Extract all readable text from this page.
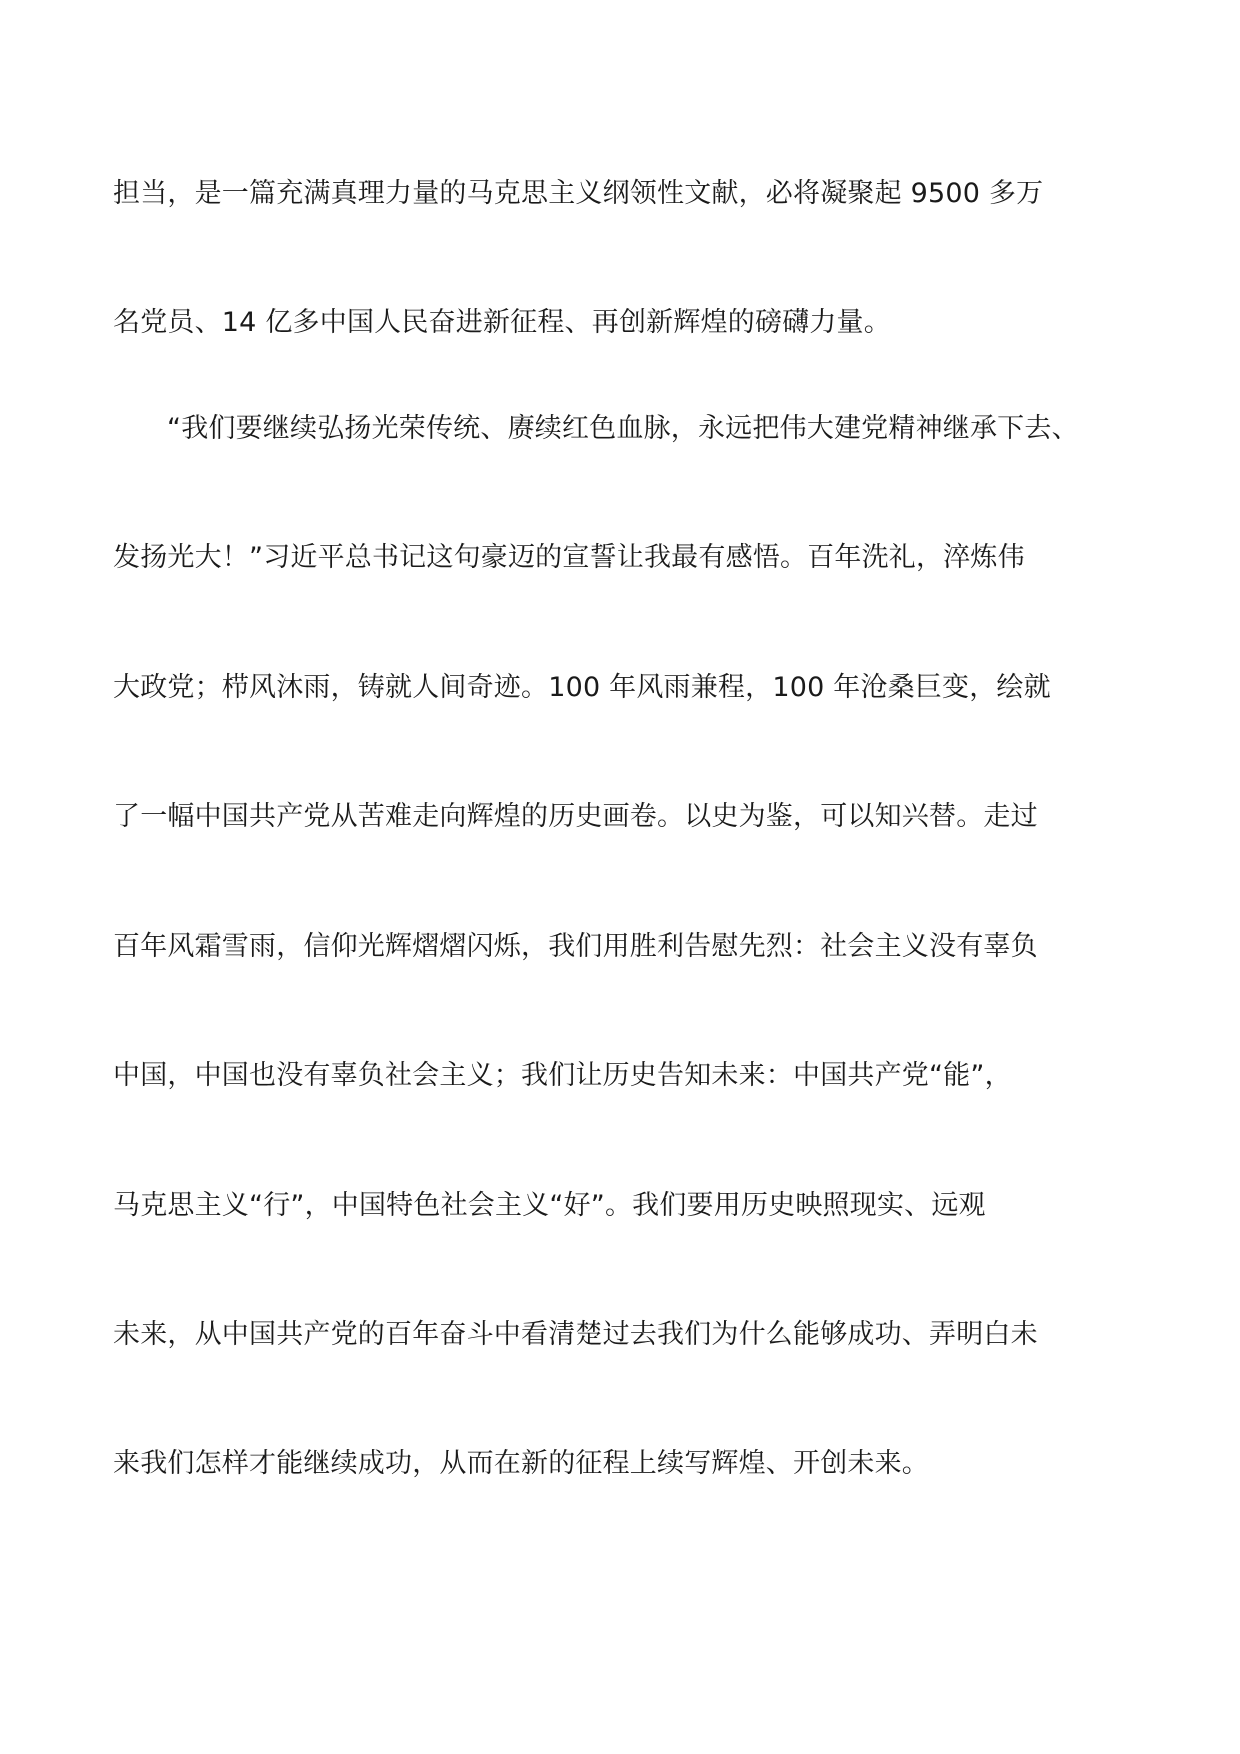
担当，是一篇充满真理力量的马克思主义纲领性文献，必将凝聚起 9500 多万
名党员、14 亿多中国人民奋进新征程、再创新辉煌的磅礴力量。
“我们要继续弘扬光荣传统、赓续红色血脉，永远把伟大建党精神继承下去、
发扬光大！”习近平总书记这句豪迈的宣誓让我最有感悟。百年洗礼，淬炼伟
大政党；栉风沐雨，铸就人间奇迹。100 年风雨兼程，100 年沧桑巨变，绘就
了一幅中国共产党从苦难走向辉煌的历史画卷。以史为鉴，可以知兴替。走过
百年风霜雪雨，信仰光辉熠熠闪烁，我们用胜利告慰先烈：社会主义没有辜负
中国，中国也没有辜负社会主义；我们让历史告知未来：中国共产党“能”，
马克思主义“行”，中国特色社会主义“好”。我们要用历史映照现实、远观
未来，从中国共产党的百年奋斗中看清楚过去我们为什么能够成功、弄明白未
来我们怎样才能继续成功，从而在新的征程上续写辉煌、开创未来。
